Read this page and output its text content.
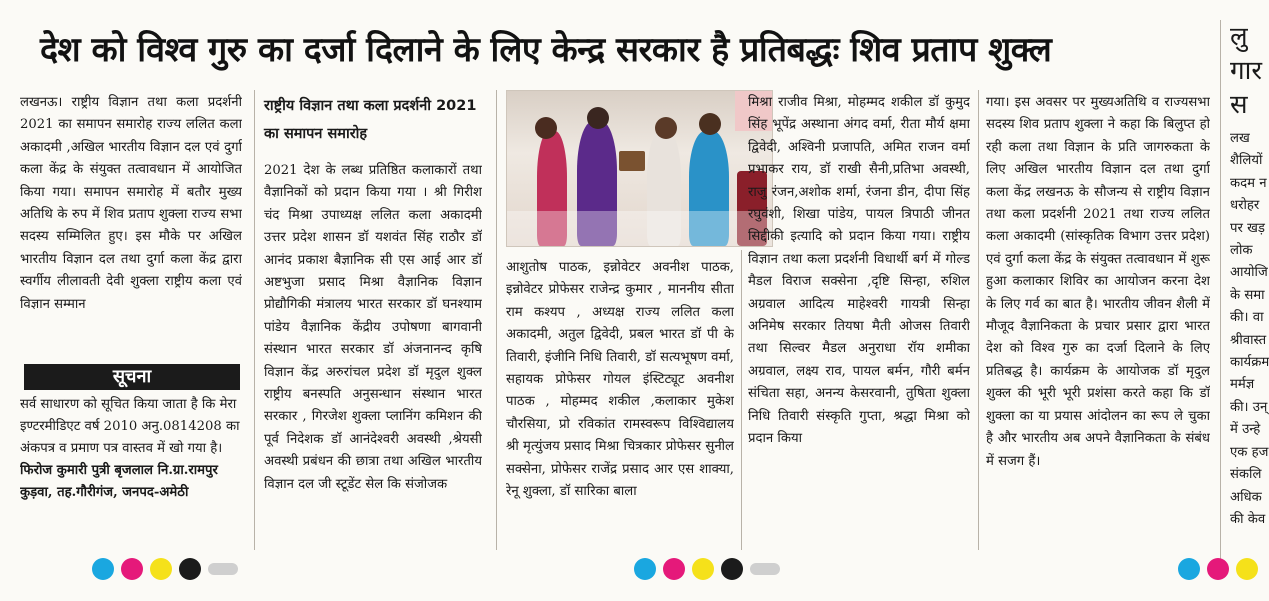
देश को विश्व गुरु का दर्जा दिलाने के लिए केन्द्र सरकार है प्रतिबद्धः शिव प्रताप शुक्ल
लखनऊ। राष्ट्रीय विज्ञान तथा कला प्रदर्शनी 2021 का समापन समारोह राज्य ललित कला अकादमी ,अखिल भारतीय विज्ञान दल एवं दुर्गा कला केंद्र के संयुक्त तत्वावधान में आयोजित किया गया। समापन समारोह में बतौर मुख्य अतिथि के रुप में शिव प्रताप शुक्ला राज्य सभा सदस्य सम्मिलित हुए। इस मौके पर अखिल भारतीय विज्ञान दल तथा दुर्गा कला केंद्र द्वारा स्वर्गीय लीलावती देवी शुक्ला राष्ट्रीय कला एवं विज्ञान सम्मान
राष्ट्रीय विज्ञान तथा कला प्रदर्शनी 2021 का समापन समारोह
2021 देश के लब्ध प्रतिष्ठित कलाकारों तथा वैज्ञानिकों को प्रदान किया गया । श्री गिरीश चंद मिश्रा उपाध्यक्ष ललित कला अकादमी उत्तर प्रदेश शासन डॉ यशवंत सिंह राठौर डॉ आनंद प्रकाश बैज्ञानिक सी एस आई आर डॉ अष्टभुजा प्रसाद मिश्रा वैज्ञानिक विज्ञान प्रोद्यौगिकी मंत्रालय भारत सरकार डॉ घनश्याम पांडेय वैज्ञानिक केंद्रीय उपोषणा बागवानी संस्थान भारत सरकार डॉ अंजनानन्द कृषि विज्ञान केंद्र अरुरांचल प्रदेश डॉ मृदुल शुक्ल राष्ट्रीय बनस्पति अनुसन्धान संस्थान भारत सरकार , गिरजेश शुक्ला प्लानिंग कमिशन की पूर्व निदेशक डॉ आनंदेश्वरी अवस्थी ,श्रेयसी अवस्थी प्रबंधन की छात्रा तथा अखिल भारतीय विज्ञान दल जी स्टूडेंट सेल कि संजोजक
आशुतोष पाठक, इन्नोवेटर अवनीश पाठक, इन्नोवेटर प्रोफेसर राजेन्द्र कुमार , माननीय सीता राम कश्यप , अध्यक्ष राज्य ललित कला अकादमी, अतुल द्विवेदी, प्रबल भारत डॉ पी के तिवारी, इंजीनि निधि तिवारी, डॉ सत्यभूषण वर्मा, सहायक प्रोफेसर गोयल इंस्टिट्यूट अवनीश पाठक , मोहम्मद शकील ,कलाकार मुकेश चौरसिया, प्रो रविकांत रामस्वरूप विश्विद्यालय श्री मृत्युंजय प्रसाद मिश्रा चित्रकार प्रोफेसर सुनील सक्सेना, प्रोफेसर राजेंद्र प्रसाद आर एस शाक्या, रेनू शुक्ला, डॉ सारिका बाला
मिश्रा राजीव मिश्रा, मोहम्मद शकील डॉ कुमुद सिंह भूपेंद्र अस्थाना अंगद वर्मा, रीता मौर्य क्षमा द्विवेदी, अश्विनी प्रजापति, अमित राजन वर्मा प्रभाकर राय, डॉ राखी सैनी,प्रतिभा अवस्थी, राजु रंजन,अशोक शर्मा, रंजना डीन, दीपा सिंह रघुवंशी, शिखा पांडेय, पायल त्रिपाठी जीनत सिद्दीकी इत्यादि को प्रदान किया गया। राष्ट्रीय विज्ञान तथा कला प्रदर्शनी विधार्थी बर्ग में गोल्ड मैडल विराज सक्सेना ,दृष्टि सिन्हा, रुशिल अग्रवाल आदित्य माहेश्वरी गायत्री सिन्हा अनिमेष सरकार तियषा मैती ओजस तिवारी तथा सिल्वर मैडल अनुराधा रॉय शमीका अग्रवाल, लक्ष्य राव, पायल बर्मन, गौरी बर्मन संचिता सहा, अनन्य केसरवानी, तुषिता शुक्ला निधि तिवारी संस्कृति गुप्ता, श्रद्धा मिश्रा को प्रदान किया
गया। इस अवसर पर मुख्यअतिथि व राज्यसभा सदस्य शिव प्रताप शुक्ला ने कहा कि बिलुप्त हो रही कला तथा विज्ञान के प्रति जागरुकता के लिए अखिल भारतीय विज्ञान दल तथा दुर्गा कला केंद्र लखनऊ के सौजन्य से राष्ट्रीय विज्ञान तथा कला प्रदर्शनी 2021 तथा राज्य ललित कला अकादमी (सांस्कृतिक विभाग उत्तर प्रदेश) एवं दुर्गा कला केंद्र के संयुक्त तत्वावधान में शुरू हुआ कलाकार शिविर का आयोजन करना देश के लिए गर्व का बात है। भारतीय जीवन शैली में मौजूद वैज्ञानिकता के प्रचार प्रसार द्वारा भारत देश को विश्व गुरु का दर्जा दिलाने के लिए प्रतिबद्ध है। कार्यक्रम के आयोजक डॉ मृदुल शुक्ल की भूरी भूरी प्रशंसा करते कहा कि डॉ शुक्ला का या प्रयास आंदोलन का रूप ले चुका है और भारतीय अब अपने वैज्ञानिकता के संबंध में सजग हैं।
सूचना
सर्व साधारण को सूचित किया जाता है कि मेरा इण्टरमीडिएट वर्ष 2010 अनु.0814208 का अंकपत्र व प्रमाण पत्र वास्तव में खो गया है। फिरोज कुमारी पुत्री बृजलाल नि.ग्रा.रामपुर कुड़वा, तह.गौरीगंज, जनपद-अमेठी
लु
गार
स
लख शैलियों कदम न धरोहर पर खड़ लोक आयोजि के समा की। वा श्रीवास्त कार्यक्रम मर्मज्ञ की। उन् में उन्हे एक हज संकलि अधिक की केव
